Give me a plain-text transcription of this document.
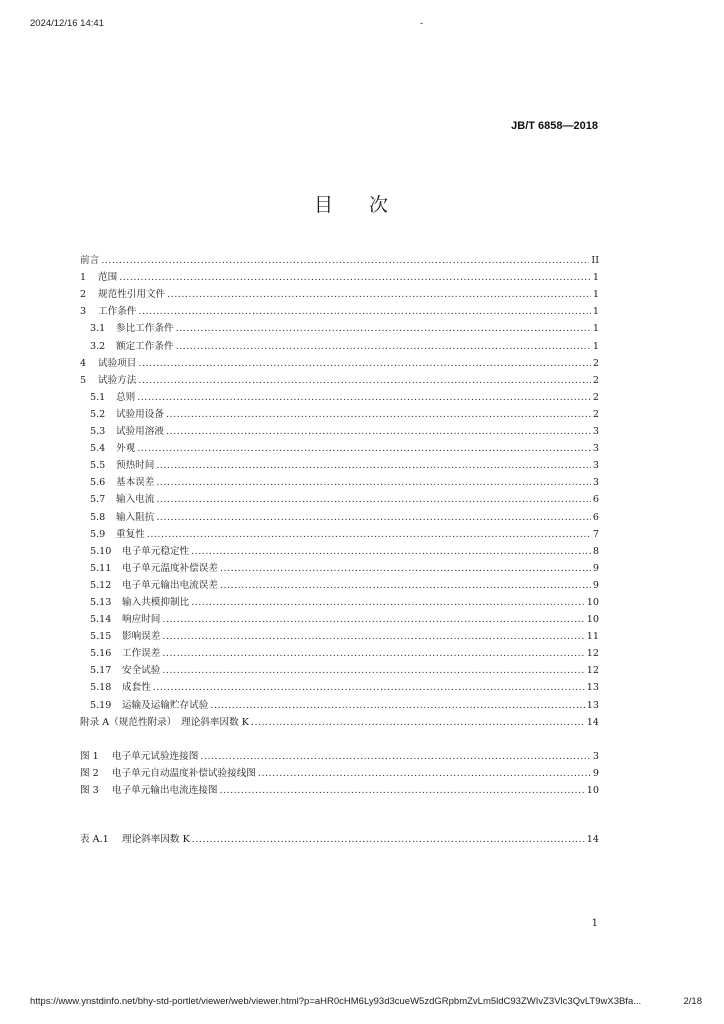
2024/12/16 14:41	-
JB/T 6858—2018
目次
前言 .....	II
1	范围 .....	1
2	规范性引用文件 .....	1
3	工作条件 .....	1
3.1	参比工作条件 .....	1
3.2	额定工作条件 .....	1
4	试验项目 .....	2
5	试验方法 .....	2
5.1	总则 .....	2
5.2	试验用设备 .....	2
5.3	试验用溶液 .....	3
5.4	外观 .....	3
5.5	预热时间 .....	3
5.6	基本误差 .....	3
5.7	输入电流 .....	6
5.8	输入阻抗 .....	6
5.9	重复性 .....	7
5.10	电子单元稳定性 .....	8
5.11	电子单元温度补偿误差 .....	9
5.12	电子单元输出电流误差 .....	9
5.13	输入共模抑制比 .....	10
5.14	响应时间 .....	10
5.15	影响误差 .....	11
5.16	工作误差 .....	12
5.17	安全试验 .....	12
5.18	成套性 .....	13
5.19	运输及运输贮存试验 .....	13
附录 A（规范性附录）　理论斜率因数 K .....	14
图 1	电子单元试验连接图 .....	3
图 2	电子单元自动温度补偿试验接线图 .....	9
图 3	电子单元输出电流连接图 .....	10
表 A.1	理论斜率因数 K .....	14
1
https://www.ynstdinfo.net/bhy-std-portlet/viewer/web/viewer.html?p=aHR0cHM6Ly93d3cueW5zdGRpbmZvLm5ldC93ZWIvZ3Vlc3QvLT9wX3Bfa...	2/18
